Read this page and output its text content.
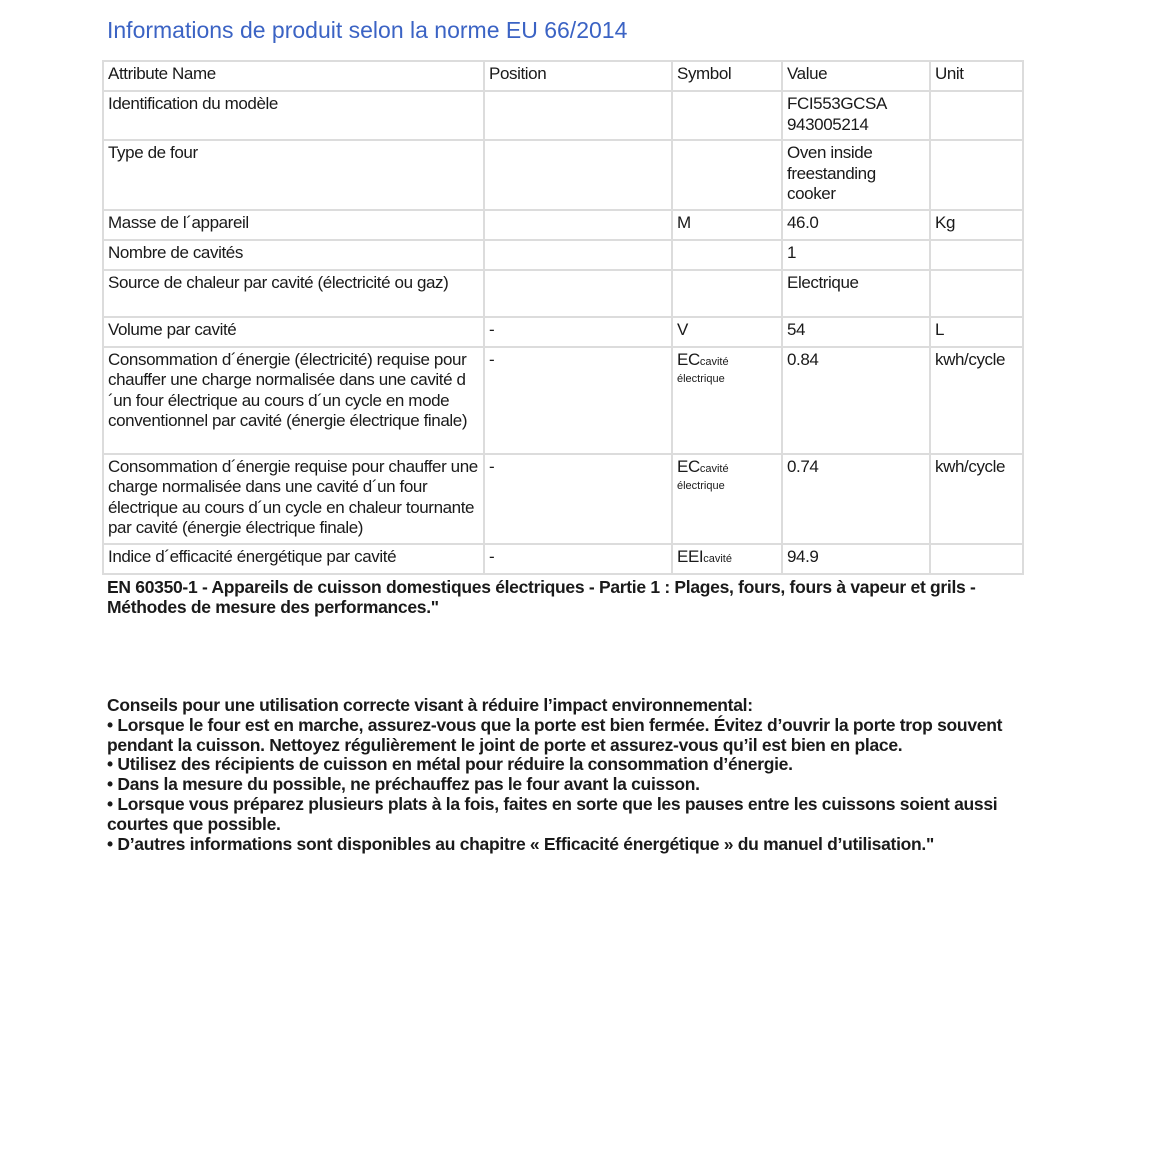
Informations de produit selon la norme EU 66/2014
Attribute Name	Position	Symbol	Value	Unit
Identification du modèle			FCI553GCSA
943005214	

Type de four			Oven inside
freestanding
cooker	

Masse de l´appareil		M	46.0	Kg
Nombre de cavités			1	

Source de chaleur par cavité (électricité ou gaz)			Electrique	

Volume par cavité	-	V	54	L
Consommation d´énergie (électricité) requise pour chauffer une charge normalisée dans une cavité d´un four électrique au cours d´un cycle en mode conventionnel par cavité (énergie électrique finale)	-	ECcavité
électrique	0.84	kwh/cycle
Consommation d´énergie requise pour chauffer une charge normalisée dans une cavité d´un four électrique au cours d´un cycle en chaleur tournante par cavité (énergie électrique finale)	-	ECcavité
électrique	0.74	kwh/cycle
Indice d´efficacité énergétique par cavité	-	EEIcavité	94.9	

EN 60350-1 - Appareils de cuisson domestiques électriques - Partie 1 : Plages, fours, fours à vapeur et grils - Méthodes de mesure des performances."

Conseils pour une utilisation correcte visant à réduire l’impact environnemental:

• Lorsque le four est en marche, assurez-vous que la porte est bien fermée. Évitez d’ouvrir la porte trop souvent pendant la cuisson. Nettoyez régulièrement le joint de porte et assurez-vous qu’il est bien en place.

• Utilisez des récipients de cuisson en métal pour réduire la consommation d’énergie.

• Dans la mesure du possible, ne préchauffez pas le four avant la cuisson.

• Lorsque vous préparez plusieurs plats à la fois, faites en sorte que les pauses entre les cuissons soient aussi courtes que possible.

• D’autres informations sont disponibles au chapitre « Efficacité énergétique » du manuel d’utilisation."
